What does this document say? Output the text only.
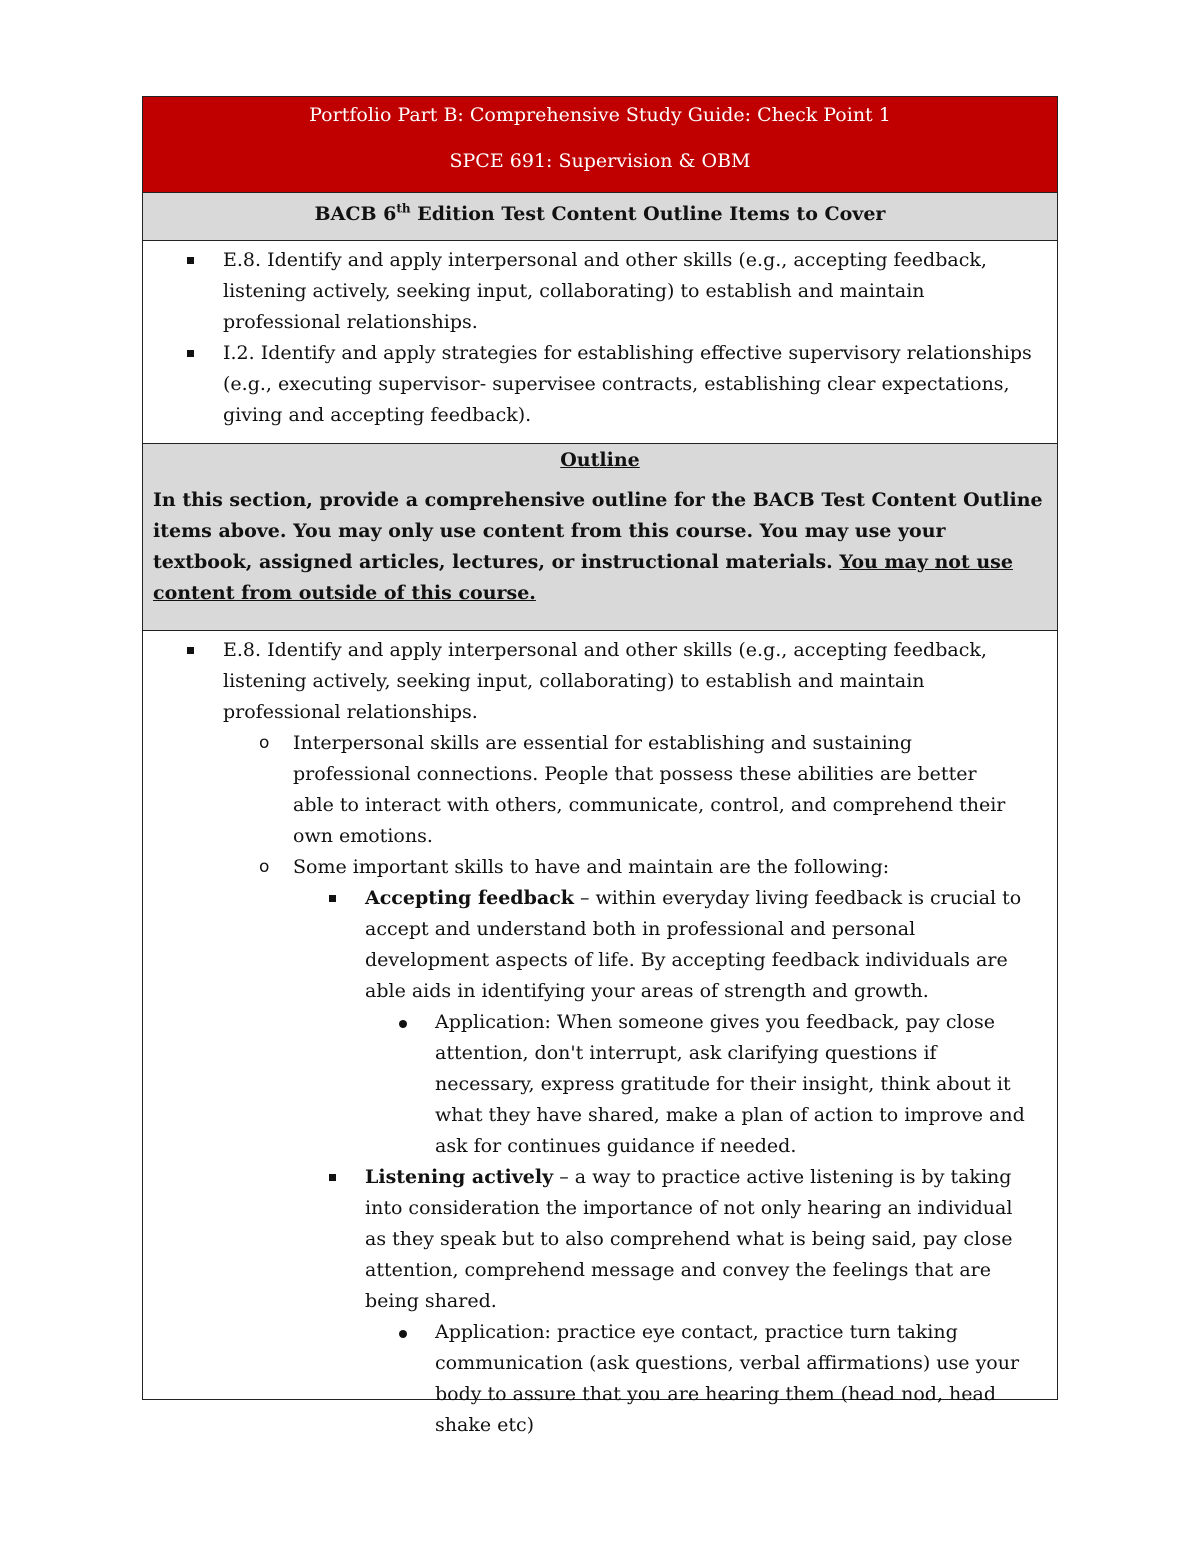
Portfolio Part B: Comprehensive Study Guide: Check Point 1

SPCE 691: Supervision & OBM

BACB 6th Edition Test Content Outline Items to Cover
E.8. Identify and apply interpersonal and other skills (e.g., accepting feedback, listening actively, seeking input, collaborating) to establish and maintain professional relationships.
I.2. Identify and apply strategies for establishing effective supervisory relationships (e.g., executing supervisor- supervisee contracts, establishing clear expectations, giving and accepting feedback).

Outline

In this section, provide a comprehensive outline for the BACB Test Content Outline items above. You may only use content from this course. You may use your textbook, assigned articles, lectures, or instructional materials. You may not use content from outside of this course.

E.8. Identify and apply interpersonal and other skills (e.g., accepting feedback, listening actively, seeking input, collaborating) to establish and maintain professional relationships.
o Interpersonal skills are essential for establishing and sustaining professional connections. People that possess these abilities are better able to interact with others, communicate, control, and comprehend their own emotions.
o Some important skills to have and maintain are the following:
Accepting feedback – within everyday living feedback is crucial to accept and understand both in professional and personal development aspects of life. By accepting feedback individuals are able aids in identifying your areas of strength and growth.
Application: When someone gives you feedback, pay close attention, don't interrupt, ask clarifying questions if necessary, express gratitude for their insight, think about it what they have shared, make a plan of action to improve and ask for continues guidance if needed.
Listening actively – a way to practice active listening is by taking into consideration the importance of not only hearing an individual as they speak but to also comprehend what is being said, pay close attention, comprehend message and convey the feelings that are being shared.
Application: practice eye contact, practice turn taking communication (ask questions, verbal affirmations) use your body to assure that you are hearing them (head nod, head shake etc)
